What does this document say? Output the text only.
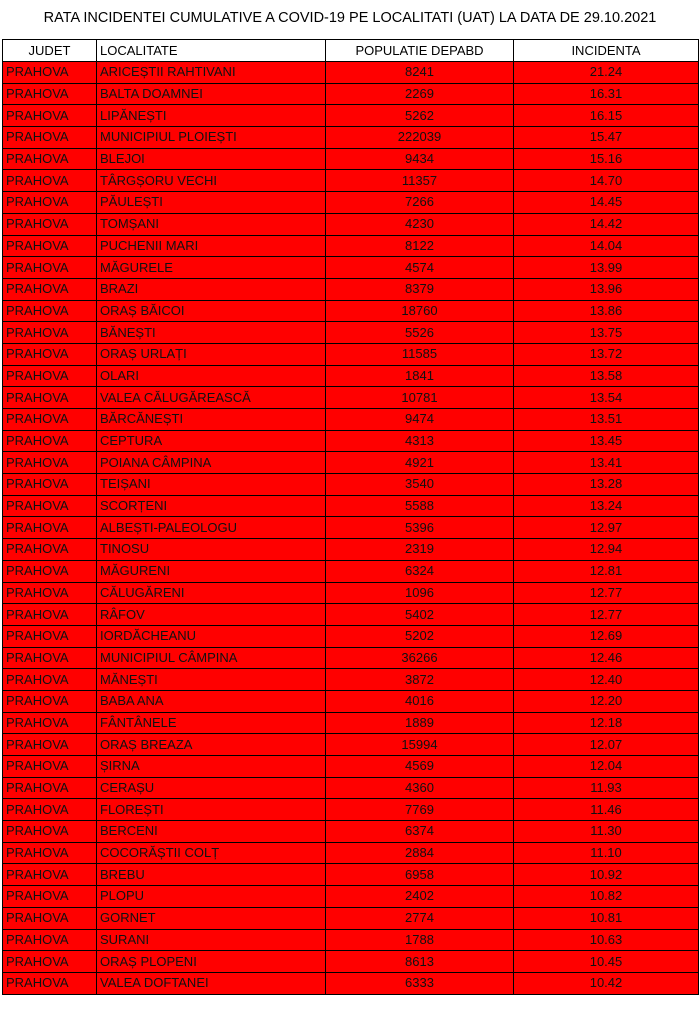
RATA INCIDENTEI CUMULATIVE A COVID-19 PE LOCALITATI (UAT) LA DATA DE 29.10.2021
JUDET	LOCALITATE	POPULATIE DEPABD	INCIDENTA
PRAHOVA	ARICEȘTII RAHTIVANI	8241	21.24
PRAHOVA	BALTA DOAMNEI	2269	16.31
PRAHOVA	LIPĂNEȘTI	5262	16.15
PRAHOVA	MUNICIPIUL PLOIEȘTI	222039	15.47
PRAHOVA	BLEJOI	9434	15.16
PRAHOVA	TÂRGȘORU VECHI	11357	14.70
PRAHOVA	PĂULEȘTI	7266	14.45
PRAHOVA	TOMȘANI	4230	14.42
PRAHOVA	PUCHENII MARI	8122	14.04
PRAHOVA	MĂGURELE	4574	13.99
PRAHOVA	BRAZI	8379	13.96
PRAHOVA	ORAȘ BĂICOI	18760	13.86
PRAHOVA	BĂNEȘTI	5526	13.75
PRAHOVA	ORAȘ URLAȚI	11585	13.72
PRAHOVA	OLARI	1841	13.58
PRAHOVA	VALEA CĂLUGĂREASCĂ	10781	13.54
PRAHOVA	BĂRCĂNEȘTI	9474	13.51
PRAHOVA	CEPTURA	4313	13.45
PRAHOVA	POIANA CÂMPINA	4921	13.41
PRAHOVA	TEIȘANI	3540	13.28
PRAHOVA	SCORȚENI	5588	13.24
PRAHOVA	ALBEȘTI-PALEOLOGU	5396	12.97
PRAHOVA	TINOSU	2319	12.94
PRAHOVA	MĂGURENI	6324	12.81
PRAHOVA	CĂLUGĂRENI	1096	12.77
PRAHOVA	RÂFOV	5402	12.77
PRAHOVA	IORDĂCHEANU	5202	12.69
PRAHOVA	MUNICIPIUL CÂMPINA	36266	12.46
PRAHOVA	MĂNEȘTI	3872	12.40
PRAHOVA	BABA ANA	4016	12.20
PRAHOVA	FÂNTÂNELE	1889	12.18
PRAHOVA	ORAȘ BREAZA	15994	12.07
PRAHOVA	ȘIRNA	4569	12.04
PRAHOVA	CERAȘU	4360	11.93
PRAHOVA	FLOREȘTI	7769	11.46
PRAHOVA	BERCENI	6374	11.30
PRAHOVA	COCORĂȘTII COLȚ	2884	11.10
PRAHOVA	BREBU	6958	10.92
PRAHOVA	PLOPU	2402	10.82
PRAHOVA	GORNET	2774	10.81
PRAHOVA	SURANI	1788	10.63
PRAHOVA	ORAȘ PLOPENI	8613	10.45
PRAHOVA	VALEA DOFTANEI	6333	10.42
